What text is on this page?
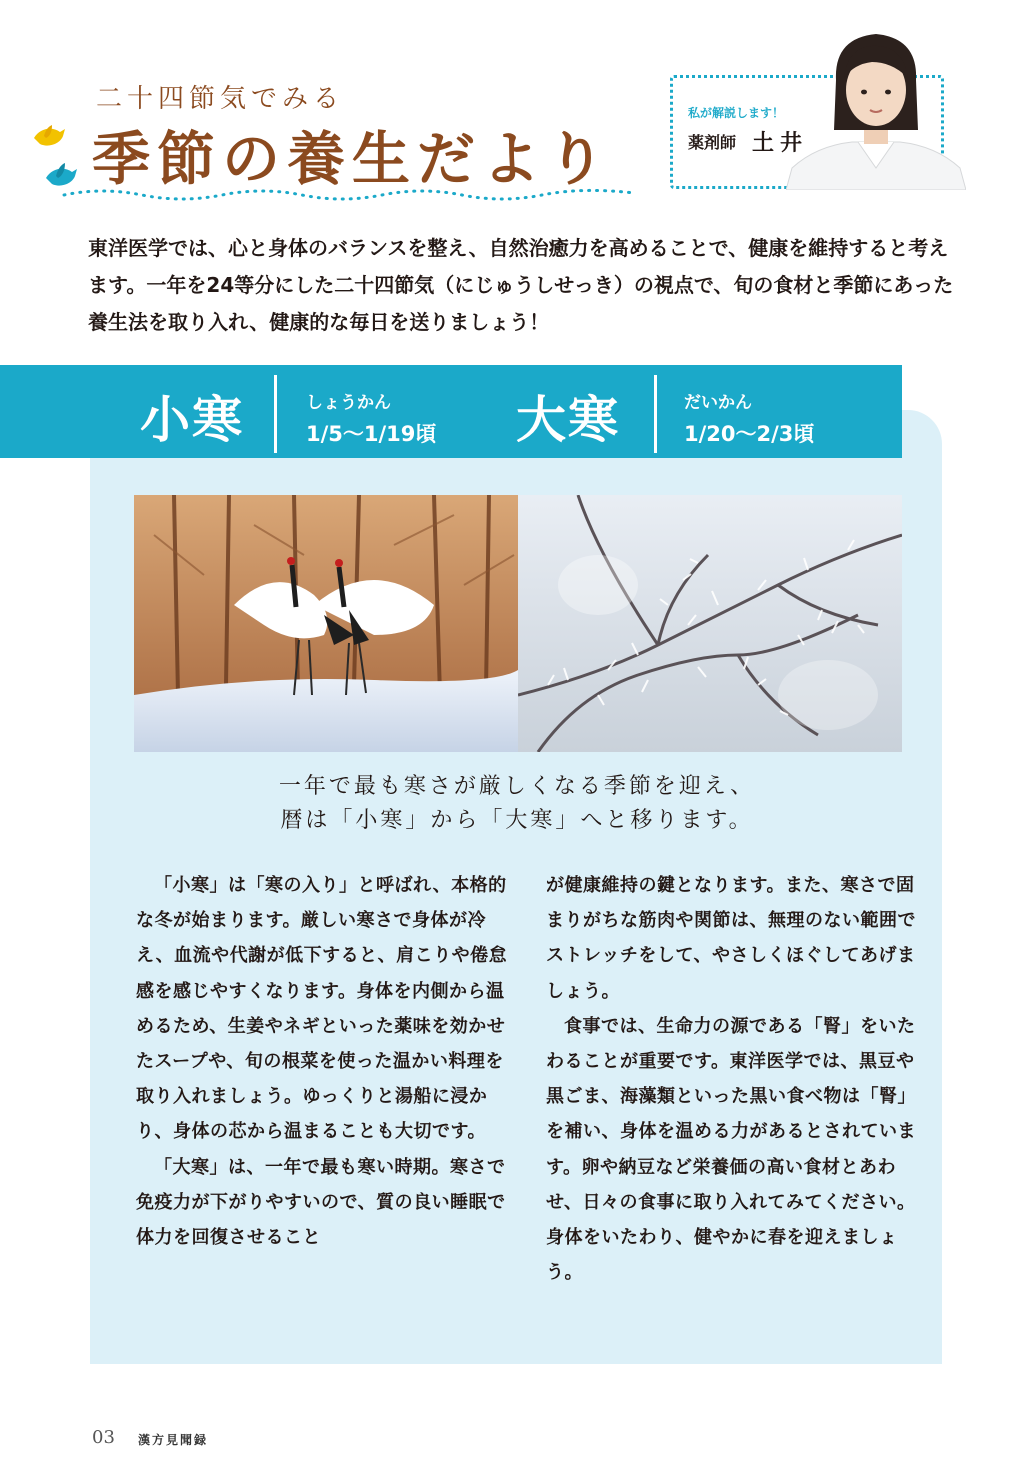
二十四節気でみる
季節の養生だより
私が解説します！
薬剤師 土井
東洋医学では、心と身体のバランスを整え、自然治癒力を高めることで、健康を維持すると考えます。一年を24等分にした二十四節気（にじゅうしせっき）の視点で、旬の食材と季節にあった養生法を取り入れ、健康的な毎日を送りましょう！
小寒	しょうかん
1/5〜1/19頃 大寒	だいかん
1/20〜2/3頃
一年で最も寒さが厳しくなる季節を迎え、
暦は「小寒」から「大寒」へと移ります。

「小寒」は「寒の入り」と呼ばれ、本格的な冬が始まります。厳しい寒さで身体が冷え、血流や代謝が低下すると、肩こりや倦怠感を感じやすくなります。身体を内側から温めるため、生姜やネギといった薬味を効かせたスープや、旬の根菜を使った温かい料理を取り入れましょう。ゆっくりと湯船に浸かり、身体の芯から温まることも大切です。

「大寒」は、一年で最も寒い時期。寒さで免疫力が下がりやすいので、質の良い睡眠で体力を回復させること

が健康維持の鍵となります。また、寒さで固まりがちな筋肉や関節は、無理のない範囲でストレッチをして、やさしくほぐしてあげましょう。

食事では、生命力の源である「腎」をいたわることが重要です。東洋医学では、黒豆や黒ごま、海藻類といった黒い食べ物は「腎」を補い、身体を温める力があるとされています。卵や納豆など栄養価の高い食材とあわせ、日々の食事に取り入れてみてください。身体をいたわり、健やかに春を迎えましょう。

03 漢方見聞録
